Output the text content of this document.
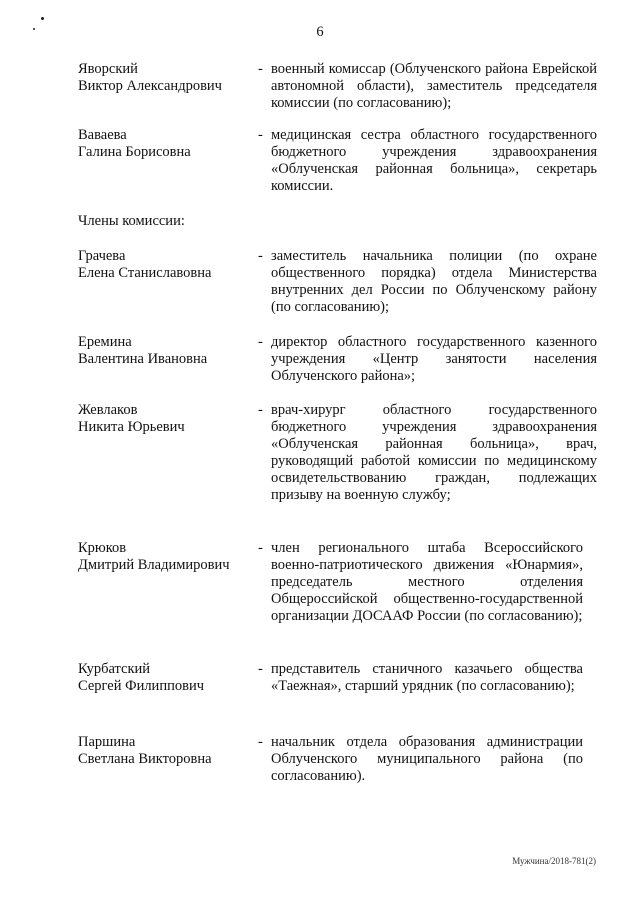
6
Яворский
Виктор Александрович
- военный комиссар (Облученского района Еврейской автономной области), заместитель председателя комиссии (по согласованию);
Ваваева
Галина Борисовна
- медицинская сестра областного государственного бюджетного учреждения здравоохранения «Облученская районная больница», секретарь комиссии.
Члены комиссии:
Грачева
Елена Станиславовна
- заместитель начальника полиции (по охране общественного порядка) отдела Министерства внутренних дел России по Облученскому району (по согласованию);
Еремина
Валентина Ивановна
- директор областного государственного казенного учреждения «Центр занятости населения Облученского района»;
Жевлаков
Никита Юрьевич
- врач-хирург областного государственного бюджетного учреждения здравоохранения «Облученская районная больница», врач, руководящий работой комиссии по медицинскому освидетельствованию граждан, подлежащих призыву на военную службу;
Крюков
Дмитрий Владимирович
- член регионального штаба Всероссийского военно-патриотического движения «Юнармия», председатель местного отделения Общероссийской общественно-государственной организации ДОСААФ России (по согласованию);
Курбатский
Сергей Филиппович
- представитель станичного казачьего общества «Таежная», старший урядник (по согласованию);
Паршина
Светлана Викторовна
- начальник отдела образования администрации Облученского муниципального района (по согласованию).
Мужчина/2018-781(2)
